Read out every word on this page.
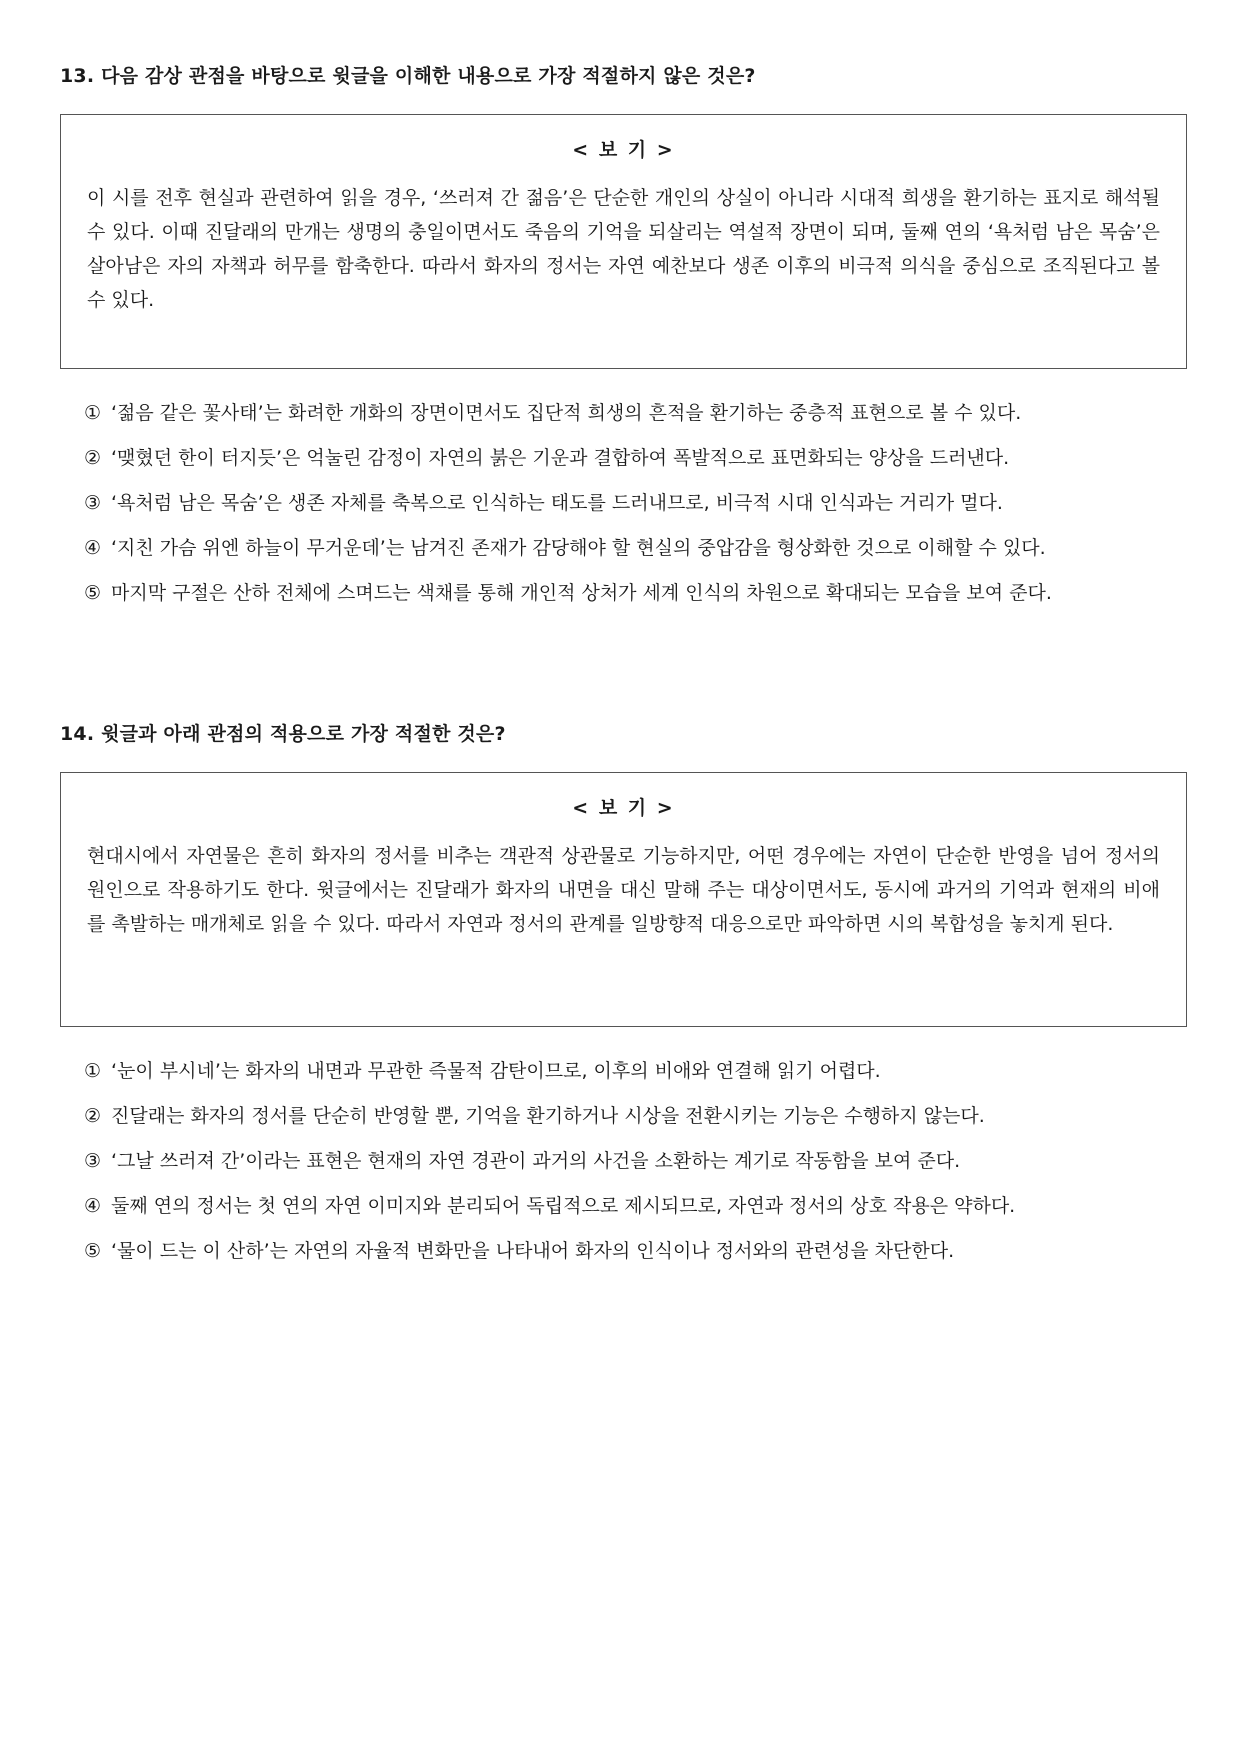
13. 다음 감상 관점을 바탕으로 윗글을 이해한 내용으로 가장 적절하지 않은 것은?
< 보 기 >

이 시를 전후 현실과 관련하여 읽을 경우, ‘쓰러져 간 젊음’은 단순한 개인의 상실이 아니라 시대적 희생을 환기하는 표지로 해석될 수 있다. 이때 진달래의 만개는 생명의 충일이면서도 죽음의 기억을 되살리는 역설적 장면이 되며, 둘째 연의 ‘욕처럼 남은 목숨’은 살아남은 자의 자책과 허무를 함축한다. 따라서 화자의 정서는 자연 예찬보다 생존 이후의 비극적 의식을 중심으로 조직된다고 볼 수 있다.

① ‘젊음 같은 꽃사태’는 화려한 개화의 장면이면서도 집단적 희생의 흔적을 환기하는 중층적 표현으로 볼 수 있다.
② ‘맺혔던 한이 터지듯’은 억눌린 감정이 자연의 붉은 기운과 결합하여 폭발적으로 표면화되는 양상을 드러낸다.
③ ‘욕처럼 남은 목숨’은 생존 자체를 축복으로 인식하는 태도를 드러내므로, 비극적 시대 인식과는 거리가 멀다.
④ ‘지친 가슴 위엔 하늘이 무거운데’는 남겨진 존재가 감당해야 할 현실의 중압감을 형상화한 것으로 이해할 수 있다.
⑤ 마지막 구절은 산하 전체에 스며드는 색채를 통해 개인적 상처가 세계 인식의 차원으로 확대되는 모습을 보여 준다.
14. 윗글과 아래 관점의 적용으로 가장 적절한 것은?
< 보 기 >

현대시에서 자연물은 흔히 화자의 정서를 비추는 객관적 상관물로 기능하지만, 어떤 경우에는 자연이 단순한 반영을 넘어 정서의 원인으로 작용하기도 한다. 윗글에서는 진달래가 화자의 내면을 대신 말해 주는 대상이면서도, 동시에 과거의 기억과 현재의 비애를 촉발하는 매개체로 읽을 수 있다. 따라서 자연과 정서의 관계를 일방향적 대응으로만 파악하면 시의 복합성을 놓치게 된다.

① ‘눈이 부시네’는 화자의 내면과 무관한 즉물적 감탄이므로, 이후의 비애와 연결해 읽기 어렵다.
② 진달래는 화자의 정서를 단순히 반영할 뿐, 기억을 환기하거나 시상을 전환시키는 기능은 수행하지 않는다.
③ ‘그날 쓰러져 간’이라는 표현은 현재의 자연 경관이 과거의 사건을 소환하는 계기로 작동함을 보여 준다.
④ 둘째 연의 정서는 첫 연의 자연 이미지와 분리되어 독립적으로 제시되므로, 자연과 정서의 상호 작용은 약하다.
⑤ ‘물이 드는 이 산하’는 자연의 자율적 변화만을 나타내어 화자의 인식이나 정서와의 관련성을 차단한다.
